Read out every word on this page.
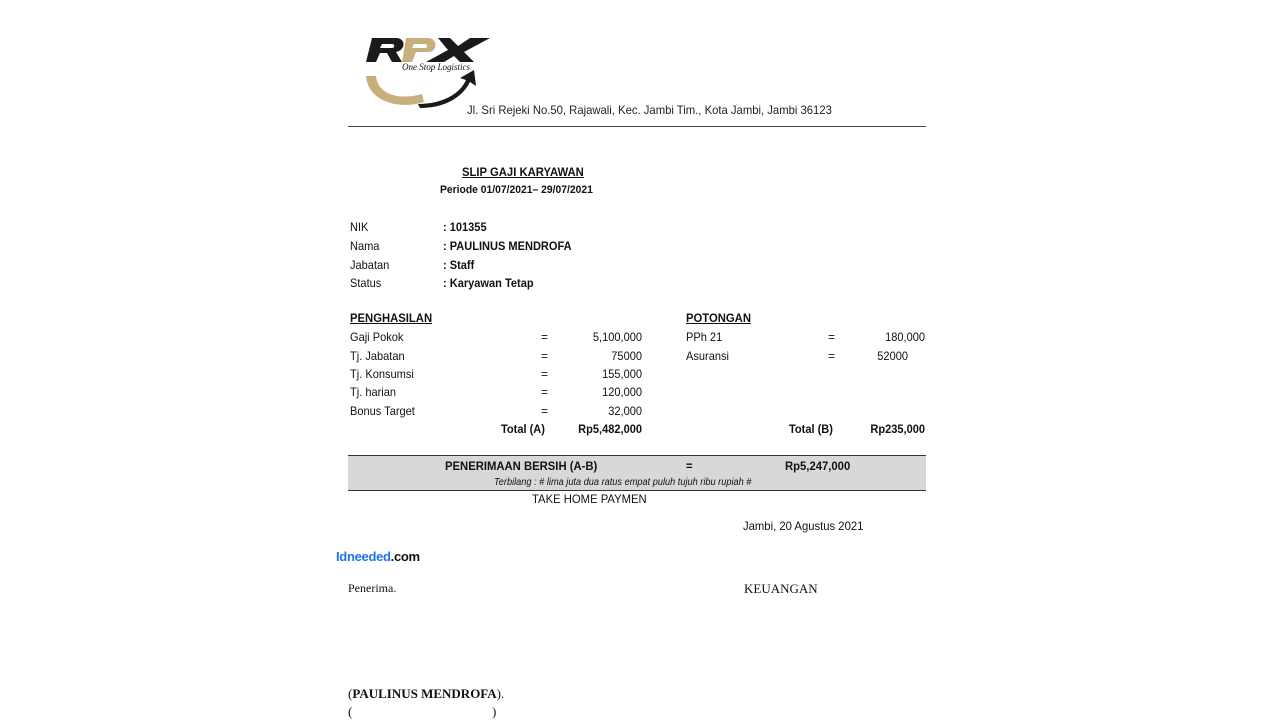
One Stop Logistics
Jl. Sri Rejeki No.50, Rajawali, Kec. Jambi Tim., Kota Jambi, Jambi 36123
SLIP GAJI KARYAWAN
Periode 01/07/2021– 29/07/2021
NIK	: 101355
Nama	: PAULINUS MENDROFA
Jabatan	: Staff
Status	: Karyawan Tetap
PENGHASILAN
Gaji Pokok	=	5,100,000
Tj. Jabatan	=	75000
Tj. Konsumsi	=	155,000
Tj. harian	=	120,000
Bonus Target	=	32,000
Total (A)	Rp5,482,000
POTONGAN
PPh 21	=	180,000
Asuransi	=	52000
Total (B)	Rp235,000
PENERIMAAN BERSIH (A-B)	=	Rp5,247,000
Terbilang : # lima juta dua ratus empat puluh tujuh ribu rupiah #
TAKE HOME PAYMEN
Jambi, 20 Agustus 2021
Idneeded.com
Penerima.	KEUANGAN
(PAULINUS MENDROFA).
(	)
